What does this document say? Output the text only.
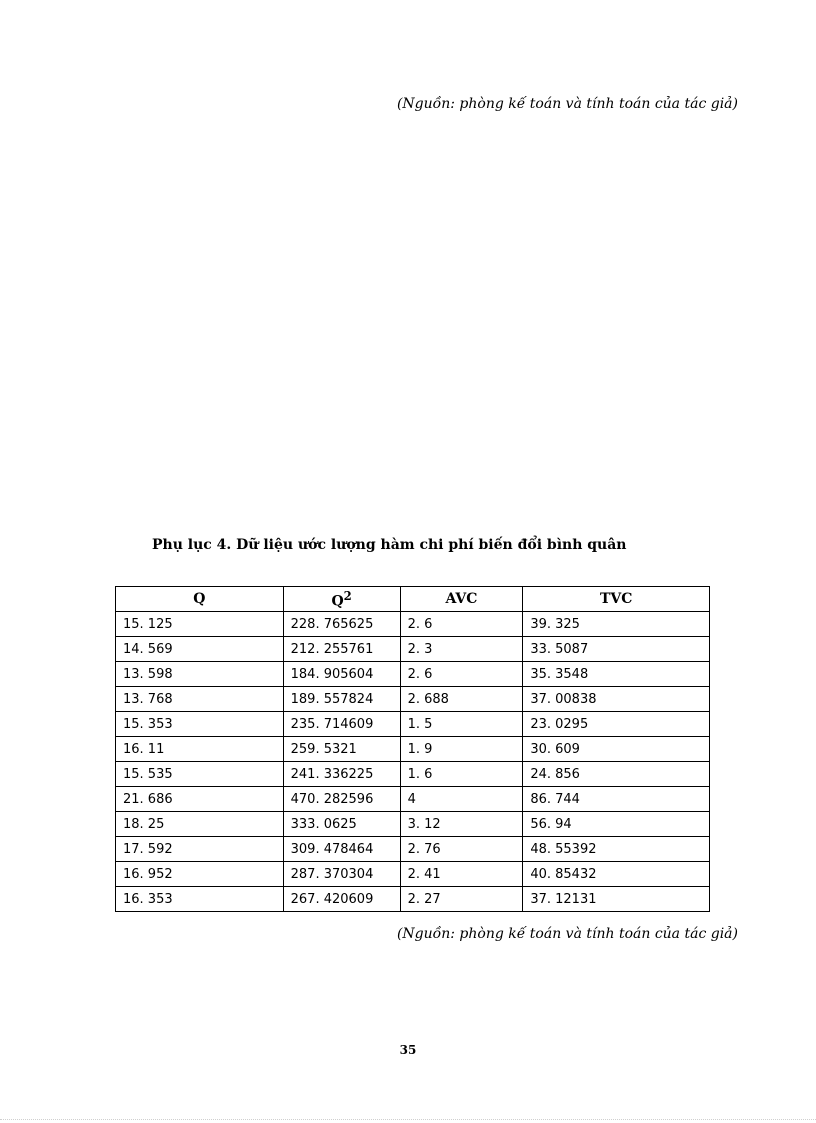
(Nguồn: phòng kế toán và tính toán của tác giả)
Phụ lục 4. Dữ liệu ước lượng hàm chi phí biến đổi bình quân
Q	$Q^2$	AVC	TVC
15. 125	228. 765625	2. 6	39. 325
14. 569	212. 255761	2. 3	33. 5087
13. 598	184. 905604	2. 6	35. 3548
13. 768	189. 557824	2. 688	37. 00838
15. 353	235. 714609	1. 5	23. 0295
16. 11	259. 5321	1. 9	30. 609
15. 535	241. 336225	1. 6	24. 856
21. 686	470. 282596	4	86. 744
18. 25	333. 0625	3. 12	56. 94
17. 592	309. 478464	2. 76	48. 55392
16. 952	287. 370304	2. 41	40. 85432
16. 353	267. 420609	2. 27	37. 12131
(Nguồn: phòng kế toán và tính toán của tác giả)
35
